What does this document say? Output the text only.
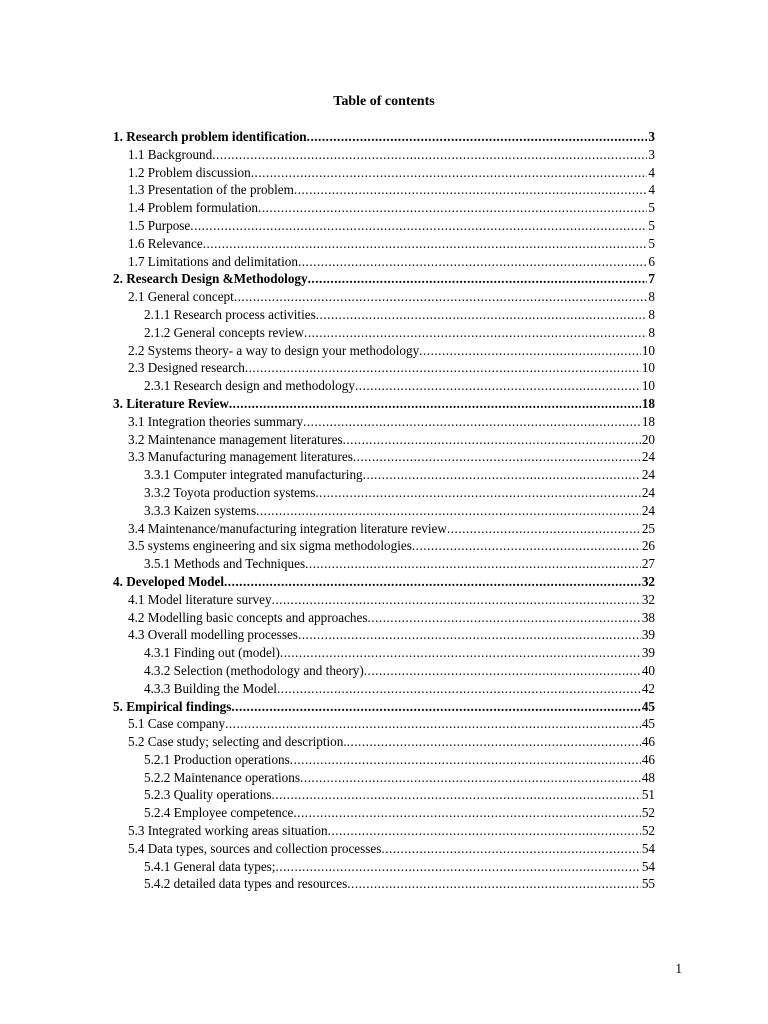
Table of contents
1. Research problem identification .....	3
1.1 Background .....	3
1.2 Problem discussion .....	4
1.3 Presentation of the problem .....	4
1.4 Problem formulation .....	5
1.5 Purpose .....	5
1.6 Relevance .....	5
1.7 Limitations and delimitation .....	6
2. Research Design &Methodology .....	7
2.1 General concept .....	8
2.1.1 Research process activities .....	8
2.1.2 General concepts review .....	8
2.2 Systems theory- a way to design your methodology .....	10
2.3 Designed research .....	10
2.3.1 Research design and methodology .....	10
3. Literature Review .....	18
3.1 Integration theories summary .....	18
3.2 Maintenance management literatures .....	20
3.3 Manufacturing management literatures .....	24
3.3.1 Computer integrated manufacturing .....	24
3.3.2 Toyota production systems .....	24
3.3.3 Kaizen systems .....	24
3.4 Maintenance/manufacturing integration literature review .....	25
3.5 systems engineering and six sigma methodologies .....	26
3.5.1 Methods and Techniques .....	27
4. Developed Model .....	32
4.1 Model literature survey .....	32
4.2 Modelling basic concepts and approaches .....	38
4.3 Overall modelling processes .....	39
4.3.1 Finding out (model) .....	39
4.3.2 Selection (methodology and theory) .....	40
4.3.3 Building the Model .....	42
5. Empirical findings .....	45
5.1 Case company .....	45
5.2 Case study; selecting and description. .....	46
5.2.1 Production operations .....	46
5.2.2 Maintenance operations .....	48
5.2.3 Quality operations .....	51
5.2.4 Employee competence .....	52
5.3 Integrated working areas situation .....	52
5.4 Data types, sources and collection processes .....	54
5.4.1 General data types; .....	54
5.4.2 detailed data types and resources .....	55
1
